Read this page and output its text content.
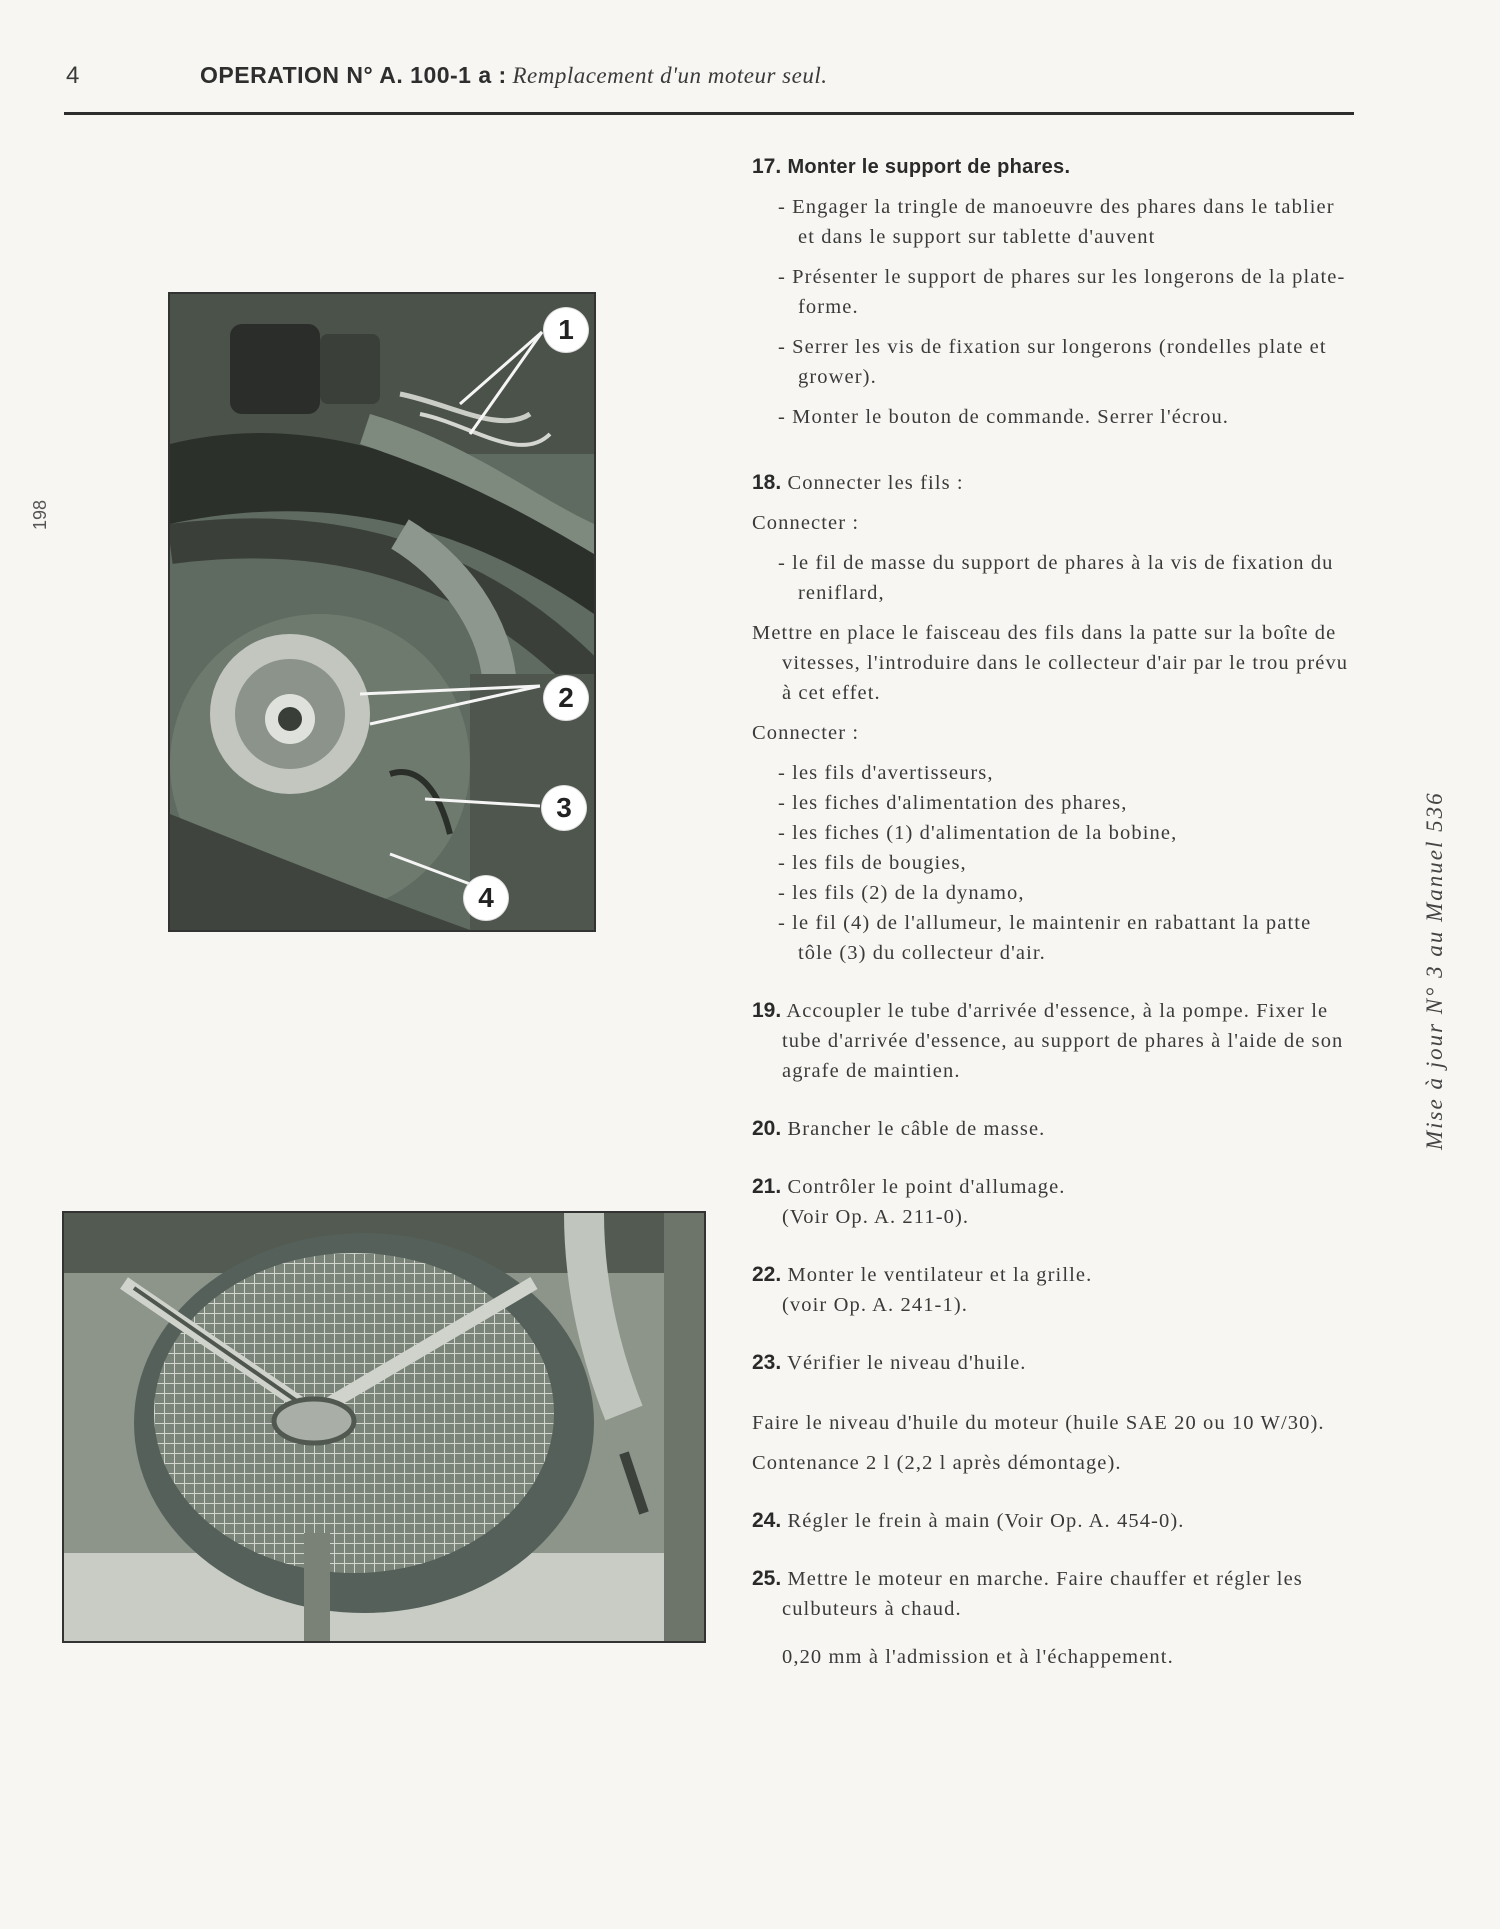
4	OPERATION N° A. 100-1 a : Remplacement d'un moteur seul.
198
Mise à jour N° 3 au Manuel 536
1
2
3
4

17. Monter le support de phares.

- Engager la tringle de manoeuvre des phares dans le tablier et dans le support sur tablette d'auvent

- Présenter le support de phares sur les longerons de la plate-forme.

- Serrer les vis de fixation sur longerons (rondelles plate et grower).

- Monter le bouton de commande. Serrer l'écrou.

18. Connecter les fils :

Connecter :

- le fil de masse du support de phares à la vis de fixation du reniflard,

Mettre en place le faisceau des fils dans la patte sur la boîte de vitesses, l'introduire dans le collecteur d'air par le trou prévu à cet effet.

Connecter :

- les fils d'avertisseurs,

- les fiches d'alimentation des phares,

- les fiches (1) d'alimentation de la bobine,

- les fils de bougies,

- les fils (2) de la dynamo,

- le fil (4) de l'allumeur, le maintenir en rabattant la patte tôle (3) du collecteur d'air.

19. Accoupler le tube d'arrivée d'essence, à la pompe. Fixer le tube d'arrivée d'essence, au support de phares à l'aide de son agrafe de maintien.

20. Brancher le câble de masse.

21. Contrôler le point d'allumage.

(Voir Op. A. 211-0).

22. Monter le ventilateur et la grille.

(voir Op. A. 241-1).

23. Vérifier le niveau d'huile.

Faire le niveau d'huile du moteur (huile SAE 20 ou 10 W/30).

Contenance 2 l (2,2 l après démontage).

24. Régler le frein à main (Voir Op. A. 454-0).

25. Mettre le moteur en marche. Faire chauffer et régler les culbuteurs à chaud.

0,20 mm à l'admission et à l'échappement.
